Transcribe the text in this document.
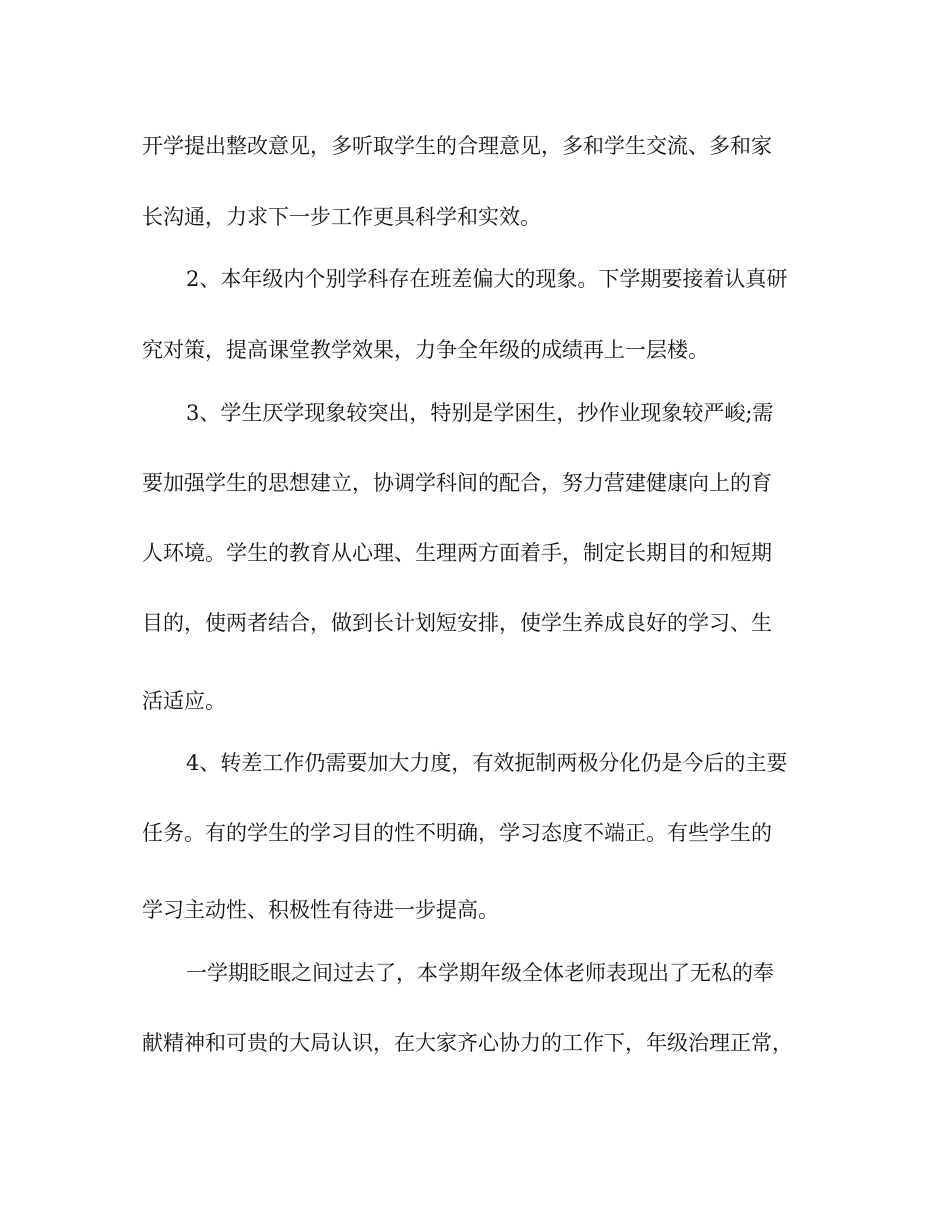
开学提出整改意见，多听取学生的合理意见，多和学生交流、多和家
长沟通，力求下一步工作更具科学和实效。
2、本年级内个别学科存在班差偏大的现象。下学期要接着认真研
究对策，提高课堂教学效果，力争全年级的成绩再上一层楼。
3、学生厌学现象较突出，特别是学困生，抄作业现象较严峻;需
要加强学生的思想建立，协调学科间的配合，努力营建健康向上的育
人环境。学生的教育从心理、生理两方面着手，制定长期目的和短期
目的，使两者结合，做到长计划短安排，使学生养成良好的学习、生
活适应。
4、转差工作仍需要加大力度，有效扼制两极分化仍是今后的主要
任务。有的学生的学习目的性不明确，学习态度不端正。有些学生的
学习主动性、积极性有待进一步提高。
一学期眨眼之间过去了，本学期年级全体老师表现出了无私的奉
献精神和可贵的大局认识，在大家齐心协力的工作下，年级治理正常，
